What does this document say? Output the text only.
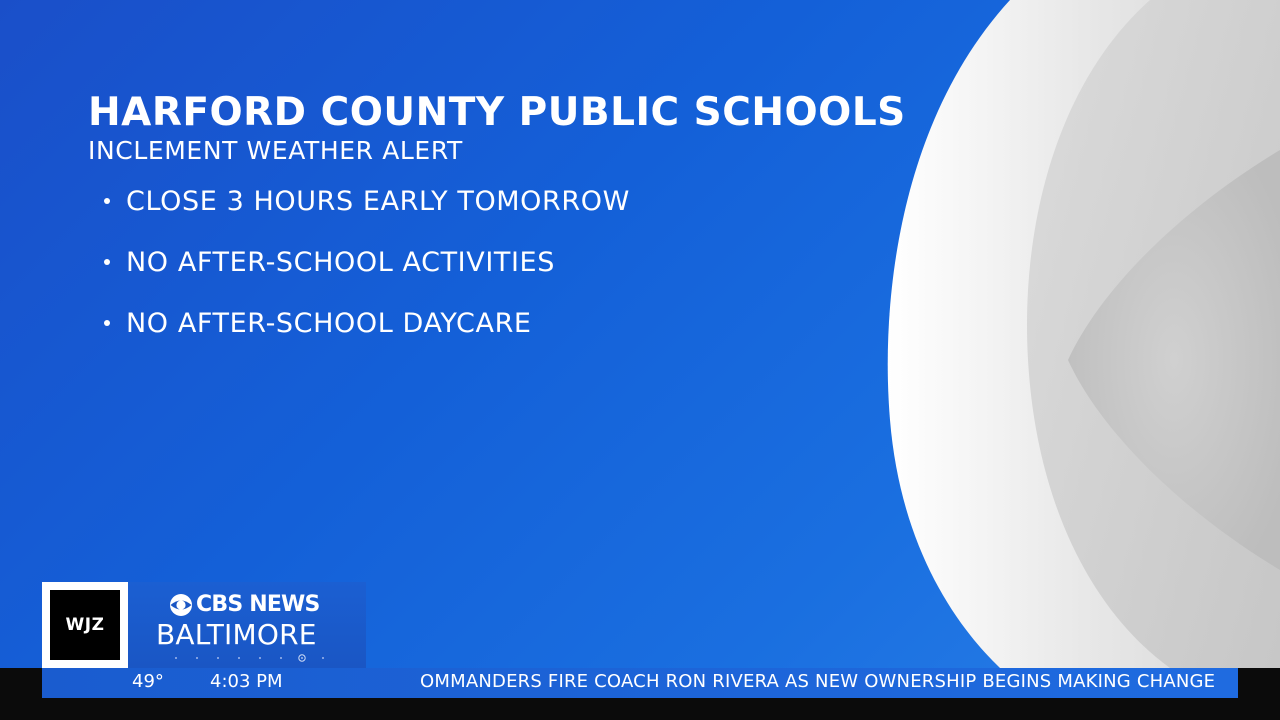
HARFORD COUNTY PUBLIC SCHOOLS
INCLEMENT WEATHER ALERT
CLOSE 3 HOURS EARLY TOMORROW
NO AFTER-SCHOOL ACTIVITIES
NO AFTER-SCHOOL DAYCARE
WJZ
CBS NEWS
BALTIMORE
49°	4:03 PM	OMMANDERS FIRE COACH RON RIVERA AS NEW OWNERSHIP BEGINS MAKING CHANGE
